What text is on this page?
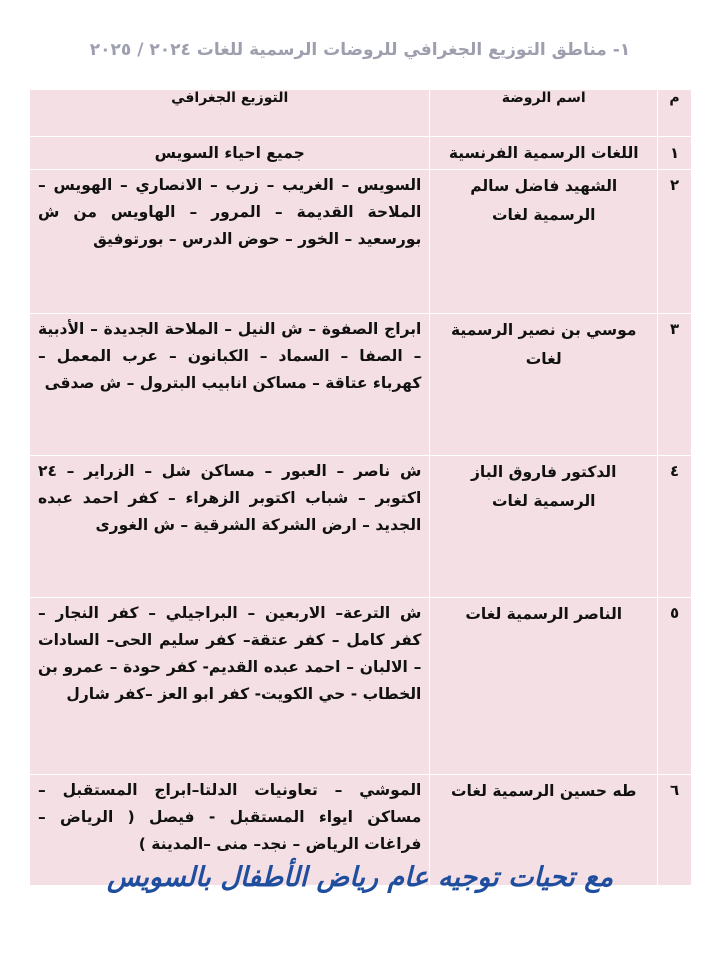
١- مناطق التوزيع الجغرافي للروضات الرسمية للغات ٢٠٢٤ / ٢٠٢٥
م	اسم الروضة	التوزيع الجغرافي
١	اللغات الرسمية الفرنسية	جميع احياء السويس
٢	الشهيد فاضل سالم الرسمية لغات	السويس – الغريب – زرب – الانصاري – الهويس – الملاحة القديمة – المرور – الهاويس من ش بورسعيد – الخور – حوض الدرس – بورتوفيق
٣	موسي بن نصير الرسمية لغات	ابراج الصفوة – ش النيل – الملاحة الجديدة – الأدبية – الصفا – السماد – الكبانون – عرب المعمل – كهرباء عتاقة – مساكن انابيب البترول – ش صدقى
٤	الدكتور فاروق الباز الرسمية لغات	ش ناصر – العبور – مساكن شل – الزراير – ٢٤ اكتوبر – شباب اكتوبر الزهراء – كفر احمد عبده الجديد – ارض الشركة الشرقية – ش الغورى
٥	الناصر الرسمية لغات	ش الترعة– الاربعين – البراجيلي – كفر النجار – كفر كامل – كفر عتقة– كفر سليم الحى– السادات – الالبان – احمد عبده القديم- كفر حودة – عمرو بن الخطاب - حي الكويت- كفر ابو العز –كفر شارل
٦	طه حسين الرسمية لغات	الموشي – تعاونيات الدلتا–ابراج المستقبل – مساكن ايواء المستقبل - فيصل ( الرياض – فراغات الرياض – نجد– منى –المدينة )
مع تحيات توجيه عام رياض الأطفال بالسويس
